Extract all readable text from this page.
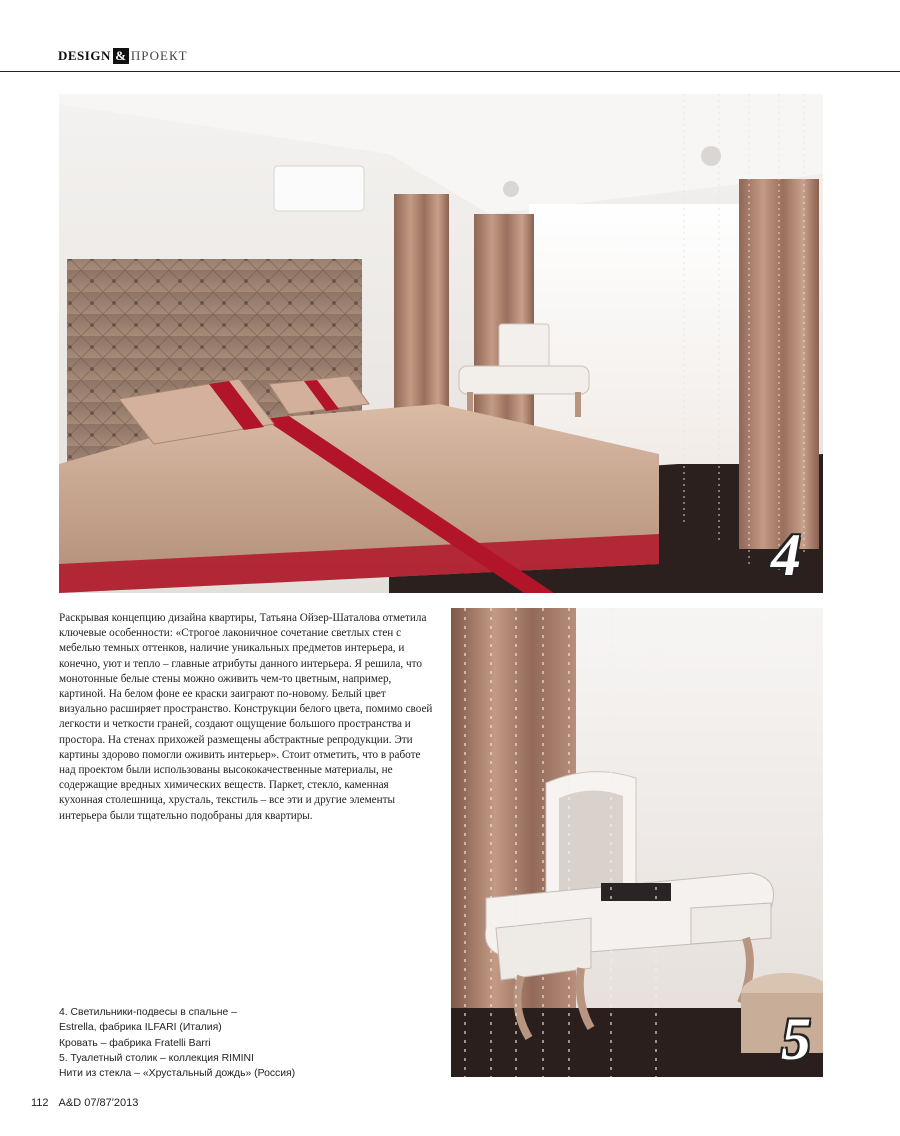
DESIGN & ПРОЕКТ
4
5

Раскрывая концепцию дизайна квартиры, Татьяна Ойзер-Шаталова отметила ключевые особенности: «Строгое лаконичное сочетание светлых стен с мебелью темных оттенков, наличие уникальных предметов интерьера, и конечно, уют и тепло – главные атрибуты данного интерьера. Я решила, что монотонные белые стены можно оживить чем-то цветным, например, картиной. На белом фоне ее краски заиграют по-новому. Белый цвет визуально расширяет пространство. Конструкции белого цвета, помимо своей легкости и четкости граней, создают ощущение большого пространства и простора. На стенах прихожей размещены абстрактные репродукции. Эти картины здорово помогли оживить интерьер». Стоит отметить, что в работе над проектом были использованы высококачественные материалы, не содержащие вредных химических веществ. Паркет, стекло, каменная кухонная столешница, хрусталь, текстиль – все эти и другие элементы интерьера были тщательно подобраны для квартиры.

4. Светильники-подвесы в спальне –
Estrella, фабрика ILFARI (Италия)
Кровать – фабрика Fratelli Barri
5. Туалетный столик – коллекция RIMINI
Нити из стекла – «Хрустальный дождь» (Россия)
112 A&D 07/87'2013
